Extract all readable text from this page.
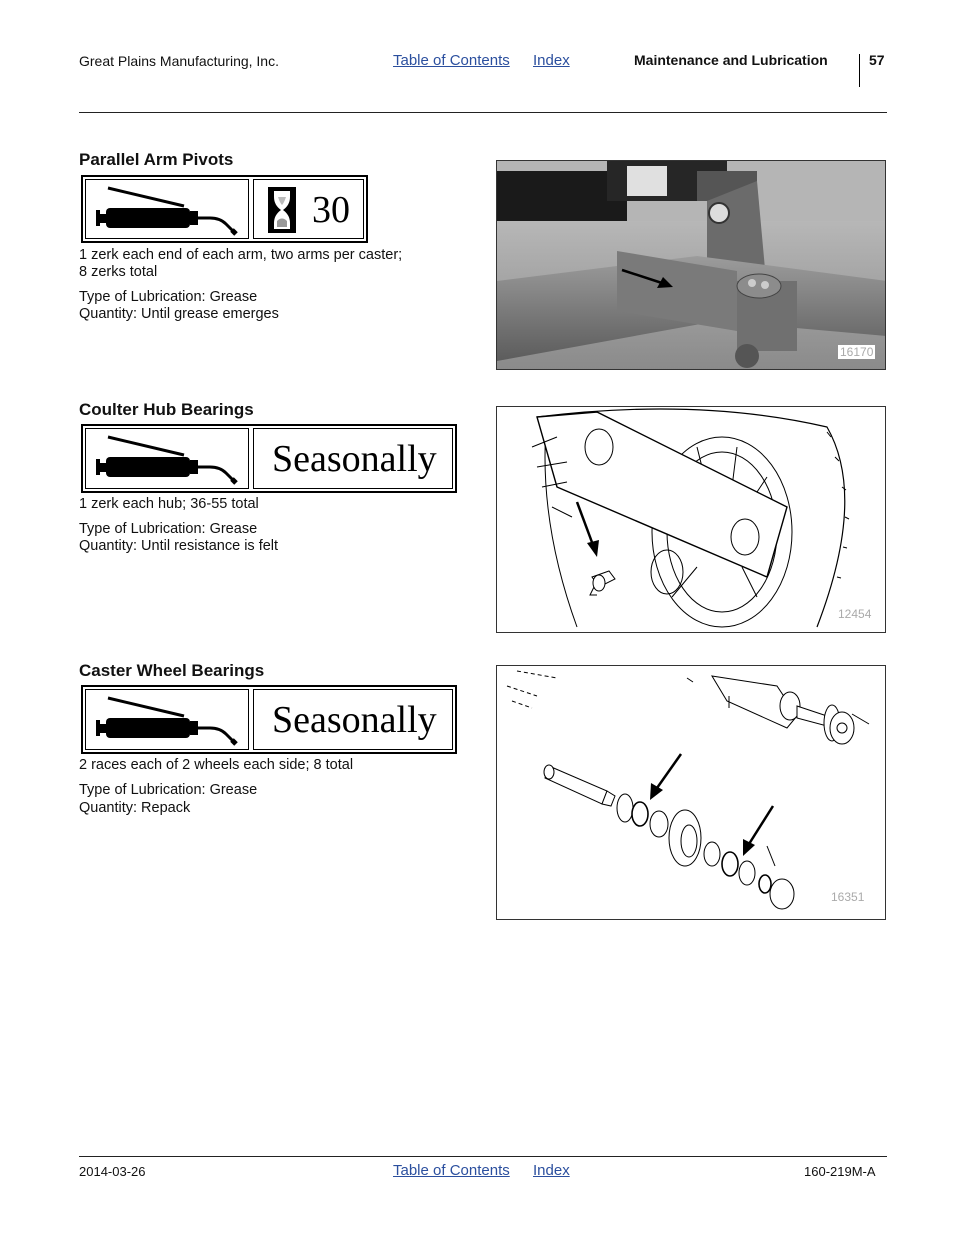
Great Plains Manufacturing, Inc.	Table of Contents Index	Maintenance and Lubrication	57
Parallel Arm Pivots
30
1 zerk each end of each arm, two arms per caster;
8 zerks total
Type of Lubrication: Grease
Quantity: Until grease emerges
16170
Coulter Hub Bearings
Seasonally
1 zerk each hub; 36-55 total
Type of Lubrication: Grease
Quantity: Until resistance is felt
12454
Caster Wheel Bearings
Seasonally
2 races each of 2 wheels each side; 8 total
Type of Lubrication: Grease
Quantity: Repack
16351
2014-03-26	Table of Contents Index	160-219M-A
